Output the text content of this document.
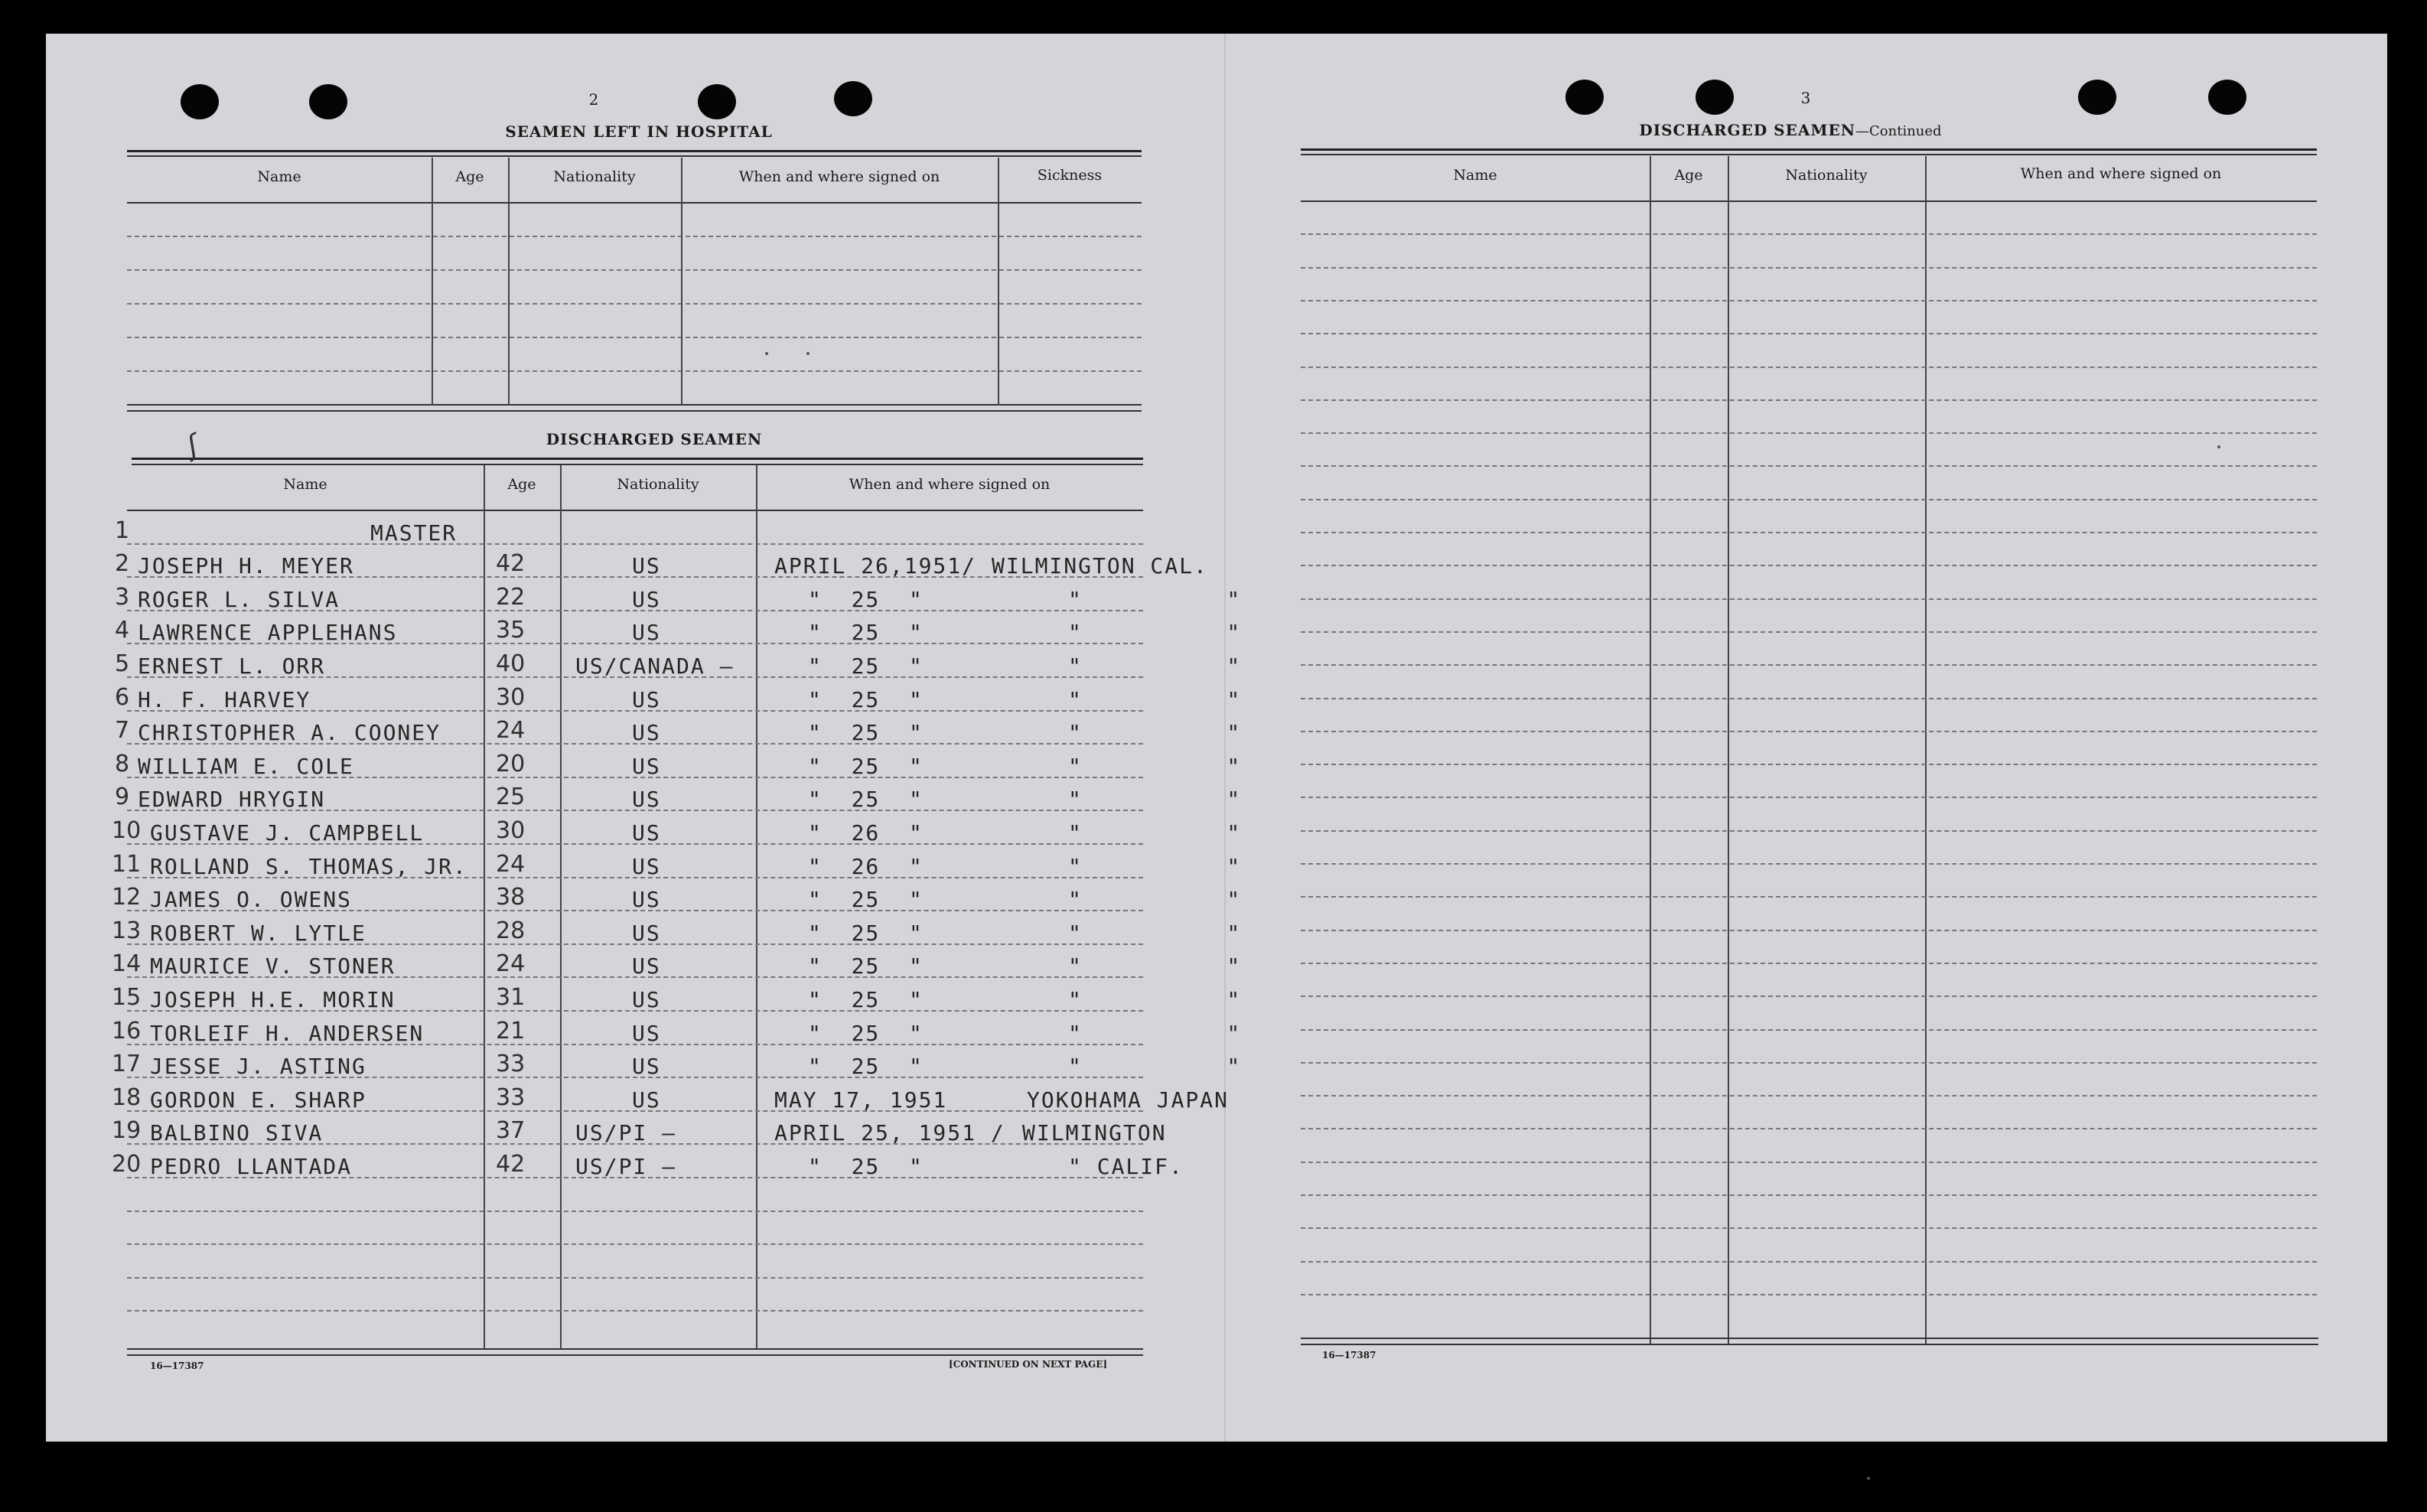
2
SEAMEN LEFT IN HOSPITAL
Name	Age	Nationality	When and where signed on	Sickness
DISCHARGED SEAMEN
Name	Age	Nationality	When and where signed on
1	MASTER
2 JOSEPH H. MEYER	42	US	APRIL 26,1951/ WILMINGTON CAL.
3 ROGER L. SILVA	22	US	"  25  "	"          "
4 LAWRENCE APPLEHANS	35	US	"  25  "	"          "
5 ERNEST L. ORR	40 US/CANADA —	"  25  "	"          "
6 H. F. HARVEY	30	US	"  25  "	"          "
7 CHRISTOPHER A. COONEY 24	US	"  25  "	"          "
8 WILLIAM E. COLE	20	US	"  25  "	"          "
9 EDWARD HRYGIN	25	US	"  25  "	"          "
10 GUSTAVE J. CAMPBELL	30	US	"  26  "	"          "
11 ROLLAND S. THOMAS, JR. 24	US	"  26  "	"          "
12 JAMES O. OWENS	38	US	"  25  "	"          "
13 ROBERT W. LYTLE	28	US	"  25  "	"          "
14 MAURICE V. STONER	24	US	"  25  "	"          "
15 JOSEPH H.E. MORIN	31	US	"  25  "	"          "
16 TORLEIF H. ANDERSEN	21	US	"  25  "	"          "
17 JESSE J. ASTING	33	US	"  25  "	"          "
18 GORDON E. SHARP	33	US	MAY 17, 1951	YOKOHAMA JAPAN
19 BALBINO SIVA	37 US/PI —	APRIL 25, 1951 / WILMINGTON
20 PEDRO LLANTADA	42 US/PI —	"  25  "	" CALIF.
16—17387	[CONTINUED ON NEXT PAGE]
ʃ
3
DISCHARGED SEAMEN—Continued
Name	Age	Nationality	When and where signed on
16—17387
